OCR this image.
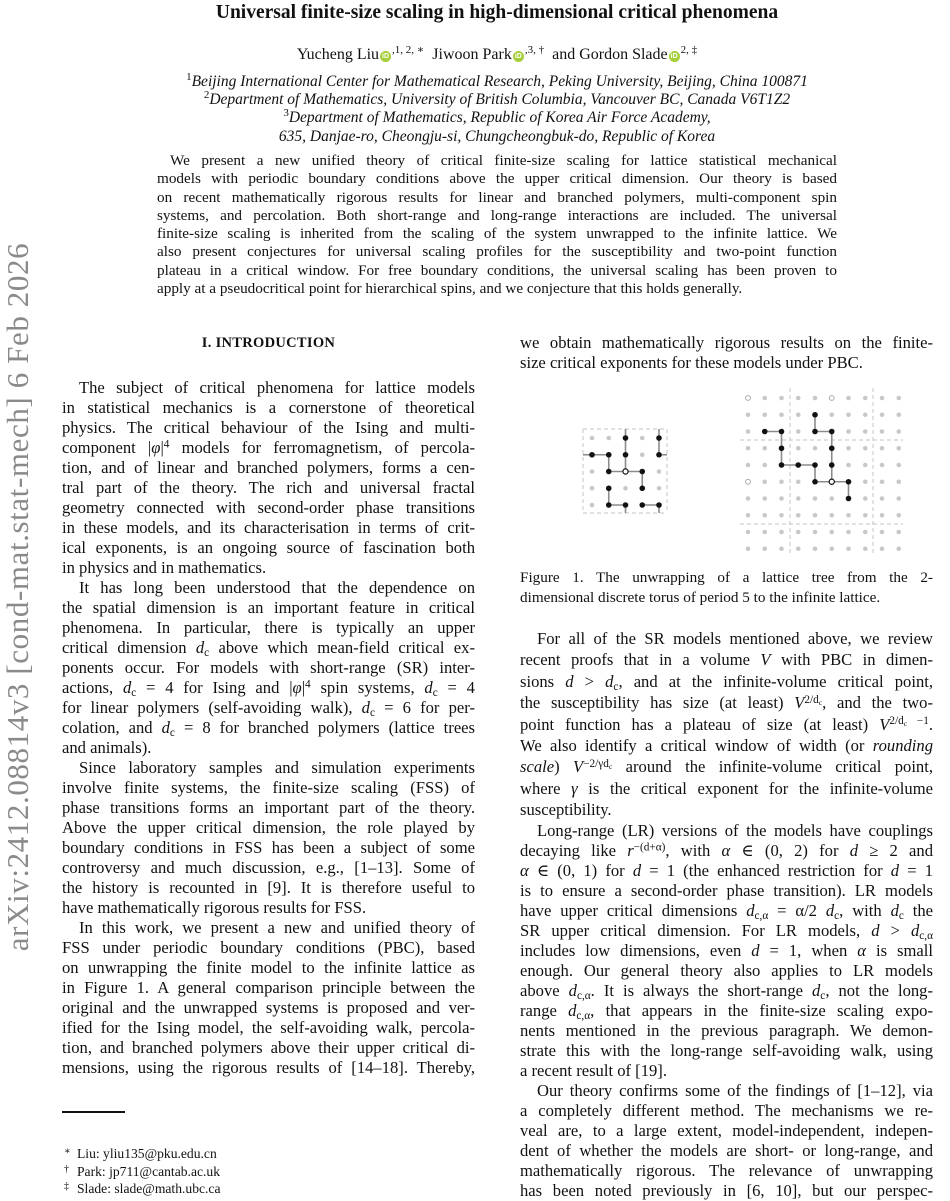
arXiv:2412.08814v3 [cond-mat.stat-mech] 6 Feb 2026
Universal finite-size scaling in high-dimensional critical phenomena
Yucheng Liu iD$^{,1, 2, ∗}$ Jiwoon Park iD$^{,3, \dagger}$ and Gordon Slade iD$^{2, \ddagger}$
$^1$Beijing International Center for Mathematical Research, Peking University, Beijing, China 100871
$^2$Department of Mathematics, University of British Columbia, Vancouver BC, Canada V6T1Z2
$^3$Department of Mathematics, Republic of Korea Air Force Academy,
635, Danjae-ro, Cheongju-si, Chungcheongbuk-do, Republic of Korea
We present a new unified theory of critical finite-size scaling for lattice statistical mechanical
models with periodic boundary conditions above the upper critical dimension. Our theory is based
on recent mathematically rigorous results for linear and branched polymers, multi-component spin
systems, and percolation. Both short-range and long-range interactions are included. The universal
finite-size scaling is inherited from the scaling of the system unwrapped to the infinite lattice. We
also present conjectures for universal scaling profiles for the susceptibility and two-point function
plateau in a critical window. For free boundary conditions, the universal scaling has been proven to
apply at a pseudocritical point for hierarchical spins, and we conjecture that this holds generally.
I. INTRODUCTION
The subject of critical phenomena for lattice models
in statistical mechanics is a cornerstone of theoretical
physics. The critical behaviour of the Ising and multi-
component $|\varphi|^4$ models for ferromagnetism, of percola-
tion, and of linear and branched polymers, forms a cen-
tral part of the theory. The rich and universal fractal
geometry connected with second-order phase transitions
in these models, and its characterisation in terms of crit-
ical exponents, is an ongoing source of fascination both
in physics and in mathematics.
It has long been understood that the dependence on
the spatial dimension is an important feature in critical
phenomena. In particular, there is typically an upper
critical dimension $d_c$ above which mean-field critical ex-
ponents occur. For models with short-range (SR) inter-
actions, $d_c = 4$ for Ising and $|\varphi|^4$ spin systems, $d_c = 4$
for linear polymers (self-avoiding walk), $d_c = 6$ for per-
colation, and $d_c = 8$ for branched polymers (lattice trees
and animals).
Since laboratory samples and simulation experiments
involve finite systems, the finite-size scaling (FSS) of
phase transitions forms an important part of the theory.
Above the upper critical dimension, the role played by
boundary conditions in FSS has been a subject of some
controversy and much discussion, e.g., [1–13]. Some of
the history is recounted in [9]. It is therefore useful to
have mathematically rigorous results for FSS.
In this work, we present a new and unified theory of
FSS under periodic boundary conditions (PBC), based
on unwrapping the finite model to the infinite lattice as
in Figure 1. A general comparison principle between the
original and the unwrapped systems is proposed and ver-
ified for the Ising model, the self-avoiding walk, percola-
tion, and branched polymers above their upper critical di-
mensions, using the rigorous results of [14–18]. Thereby,
we obtain mathematically rigorous results on the finite-
size critical exponents for these models under PBC.
Figure 1. The unwrapping of a lattice tree from the 2-
dimensional discrete torus of period 5 to the infinite lattice.
For all of the SR models mentioned above, we review
recent proofs that in a volume V with PBC in dimen-
sions $d > d_c$, and at the infinite-volume critical point,
the susceptibility has size (at least) $V^{2/d_c}$, and the two-
point function has a plateau of size (at least) $V^{2/d_c -1}$.
We also identify a critical window of width (or rounding
scale) $V^{-2/\gamma d_c}$ around the infinite-volume critical point,
where γ is the critical exponent for the infinite-volume
susceptibility.
Long-range (LR) versions of the models have couplings
decaying like $r^{-(d+\alpha)}$, with α ∈ (0, 2) for d ≥ 2 and
α ∈ (0, 1) for d = 1 (the enhanced restriction for d = 1
is to ensure a second-order phase transition). LR models
have upper critical dimensions $d_{c,\alpha} = \alpha/2$ $d_c$, with $d_c$ the
SR upper critical dimension. For LR models, $d > d_{c,\alpha}$
includes low dimensions, even d = 1, when α is small
enough. Our general theory also applies to LR models
above $d_{c,\alpha}$. It is always the short-range $d_c$, not the long-
range $d_{c,\alpha}$, that appears in the finite-size scaling expo-
nents mentioned in the previous paragraph. We demon-
strate this with the long-range self-avoiding walk, using
a recent result of [19].
Our theory confirms some of the findings of [1–12], via
a completely different method. The mechanisms we re-
veal are, to a large extent, model-independent, indepen-
dent of whether the models are short- or long-range, and
mathematically rigorous. The relevance of unwrapping
has been noted previously in [6, 10], but our perspec-
∗ Liu: yliu135@pku.edu.cn
† Park: jp711@cantab.ac.uk
‡ Slade: slade@math.ubc.ca
